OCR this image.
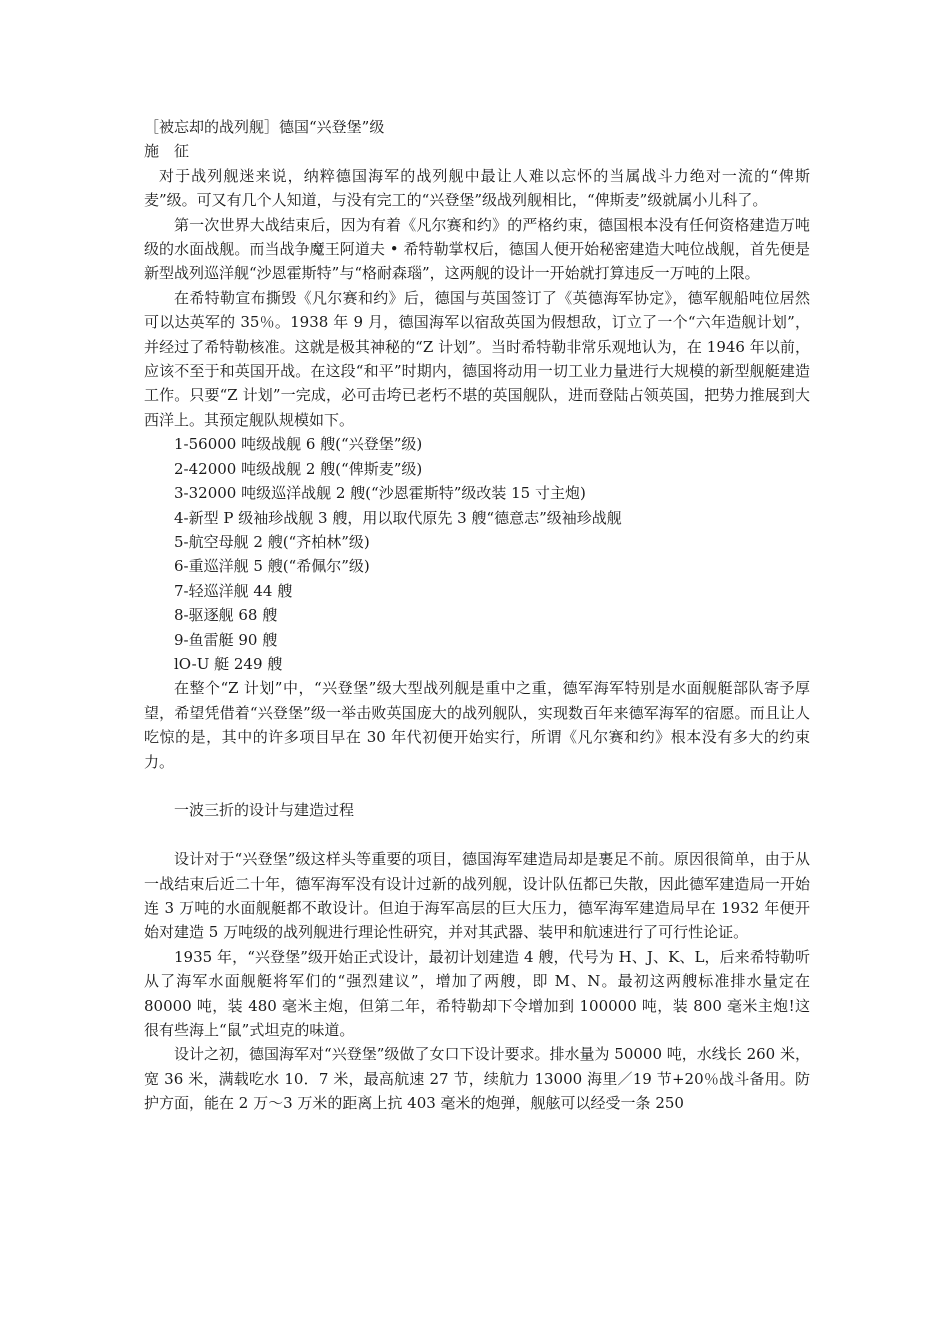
［被忘却的战列舰］德国“兴登堡”级
施　征

对于战列舰迷来说，纳粹德国海军的战列舰中最让人难以忘怀的当属战斗力绝对一流的“俾斯麦”级。可又有几个人知道，与没有完工的“兴登堡”级战列舰相比，“俾斯麦”级就属小儿科了。

第一次世界大战结束后，因为有着《凡尔赛和约》的严格约束，德国根本没有任何资格建造万吨级的水面战舰。而当战争魔王阿道夫 • 希特勒掌权后，德国人便开始秘密建造大吨位战舰，首先便是新型战列巡洋舰“沙恩霍斯特”与“格耐森瑙”，这两舰的设计一开始就打算违反一万吨的上限。

在希特勒宣布撕毁《凡尔赛和约》后，德国与英国签订了《英德海军协定》，德军舰船吨位居然可以达英军的 35％。1938 年 9 月，德国海军以宿敌英国为假想敌，订立了一个“六年造舰计划”，并经过了希特勒核准。这就是极其神秘的“Z 计划”。当时希特勒非常乐观地认为，在 1946 年以前，应该不至于和英国开战。在这段“和平”时期内，德国将动用一切工业力量进行大规模的新型舰艇建造工作。只要“Z 计划”一完成，必可击垮已老朽不堪的英国舰队，进而登陆占领英国，把势力推展到大西洋上。其预定舰队规模如下。

1-56000 吨级战舰 6 艘(“兴登堡”级)
2-42000 吨级战舰 2 艘(“俾斯麦”级)
3-32000 吨级巡洋战舰 2 艘(“沙恩霍斯特”级改装 15 寸主炮)
4-新型 P 级袖珍战舰 3 艘，用以取代原先 3 艘“德意志”级袖珍战舰
5-航空母舰 2 艘(“齐柏林”级)
6-重巡洋舰 5 艘(“希佩尔”级)
7-轻巡洋舰 44 艘
8-驱逐舰 68 艘
9-鱼雷艇 90 艘
lO-U 艇 249 艘

在整个“Z 计划”中，“兴登堡”级大型战列舰是重中之重，德军海军特别是水面舰艇部队寄予厚望，希望凭借着“兴登堡”级一举击败英国庞大的战列舰队，实现数百年来德军海军的宿愿。而且让人吃惊的是，其中的许多项目早在 30 年代初便开始实行，所谓《凡尔赛和约》根本没有多大的约束力。

一波三折的设计与建造过程

设计对于“兴登堡”级这样头等重要的项目，德国海军建造局却是裹足不前。原因很简单，由于从一战结束后近二十年，德军海军没有设计过新的战列舰，设计队伍都已失散，因此德军建造局一开始连 3 万吨的水面舰艇都不敢设计。但迫于海军高层的巨大压力，德军海军建造局早在 1932 年便开始对建造 5 万吨级的战列舰进行理论性研究，并对其武器、装甲和航速进行了可行性论证。

1935 年，“兴登堡”级开始正式设计，最初计划建造 4 艘，代号为 H、J、K、L，后来希特勒听从了海军水面舰艇将军们的“强烈建议”，增加了两艘，即 M、N。最初这两艘标准排水量定在 80000 吨，装 480 毫米主炮，但第二年，希特勒却下令增加到 100000 吨，装 800 毫米主炮!这很有些海上“鼠”式坦克的味道。

设计之初，德国海军对“兴登堡”级做了女口下设计要求。排水量为 50000 吨，水线长 260 米，宽 36 米，满载吃水 10．7 米，最高航速 27 节，续航力 13000 海里／19 节+20％战斗备用。防护方面，能在 2 万～3 万米的距离上抗 403 毫米的炮弹，舰舷可以经受一条 250
